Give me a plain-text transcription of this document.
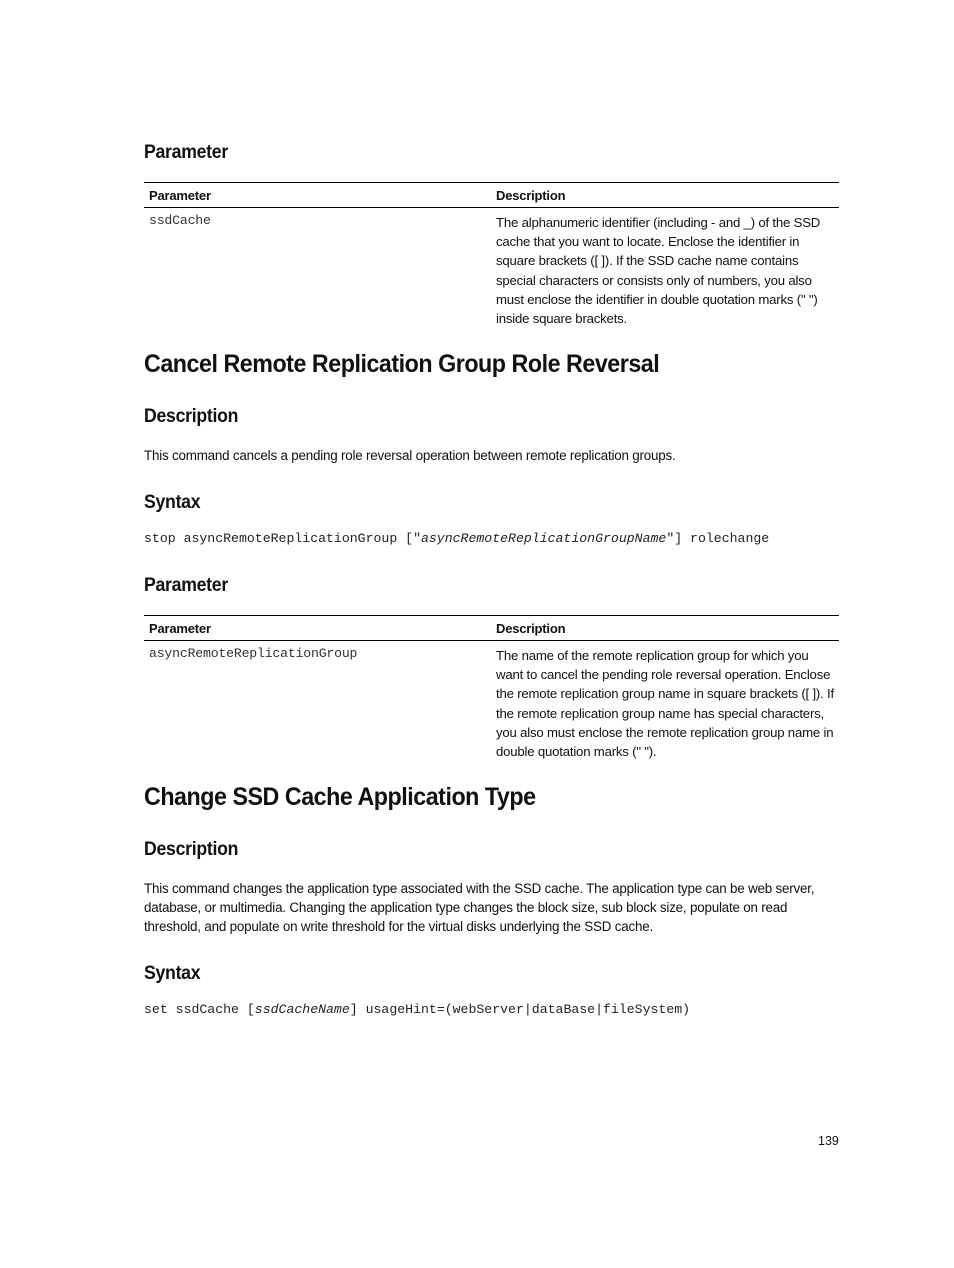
Parameter
Parameter	Description
ssdCache	The alphanumeric identifier (including - and _) of the SSD cache that you want to locate. Enclose the identifier in square brackets ([ ]). If the SSD cache name contains special characters or consists only of numbers, you also must enclose the identifier in double quotation marks (" ") inside square brackets.
Cancel Remote Replication Group Role Reversal
Description
This command cancels a pending role reversal operation between remote replication groups.
Syntax
stop asyncRemoteReplicationGroup ["asyncRemoteReplicationGroupName"] rolechange
Parameter
Parameter	Description
asyncRemoteReplicationGroup	The name of the remote replication group for which you want to cancel the pending role reversal operation. Enclose the remote replication group name in square brackets ([ ]). If the remote replication group name has special characters, you also must enclose the remote replication group name in double quotation marks (" ").
Change SSD Cache Application Type
Description
This command changes the application type associated with the SSD cache. The application type can be web server, database, or multimedia. Changing the application type changes the block size, sub block size, populate on read threshold, and populate on write threshold for the virtual disks underlying the SSD cache.
Syntax
set ssdCache [ssdCacheName] usageHint=(webServer|dataBase|fileSystem)
139
